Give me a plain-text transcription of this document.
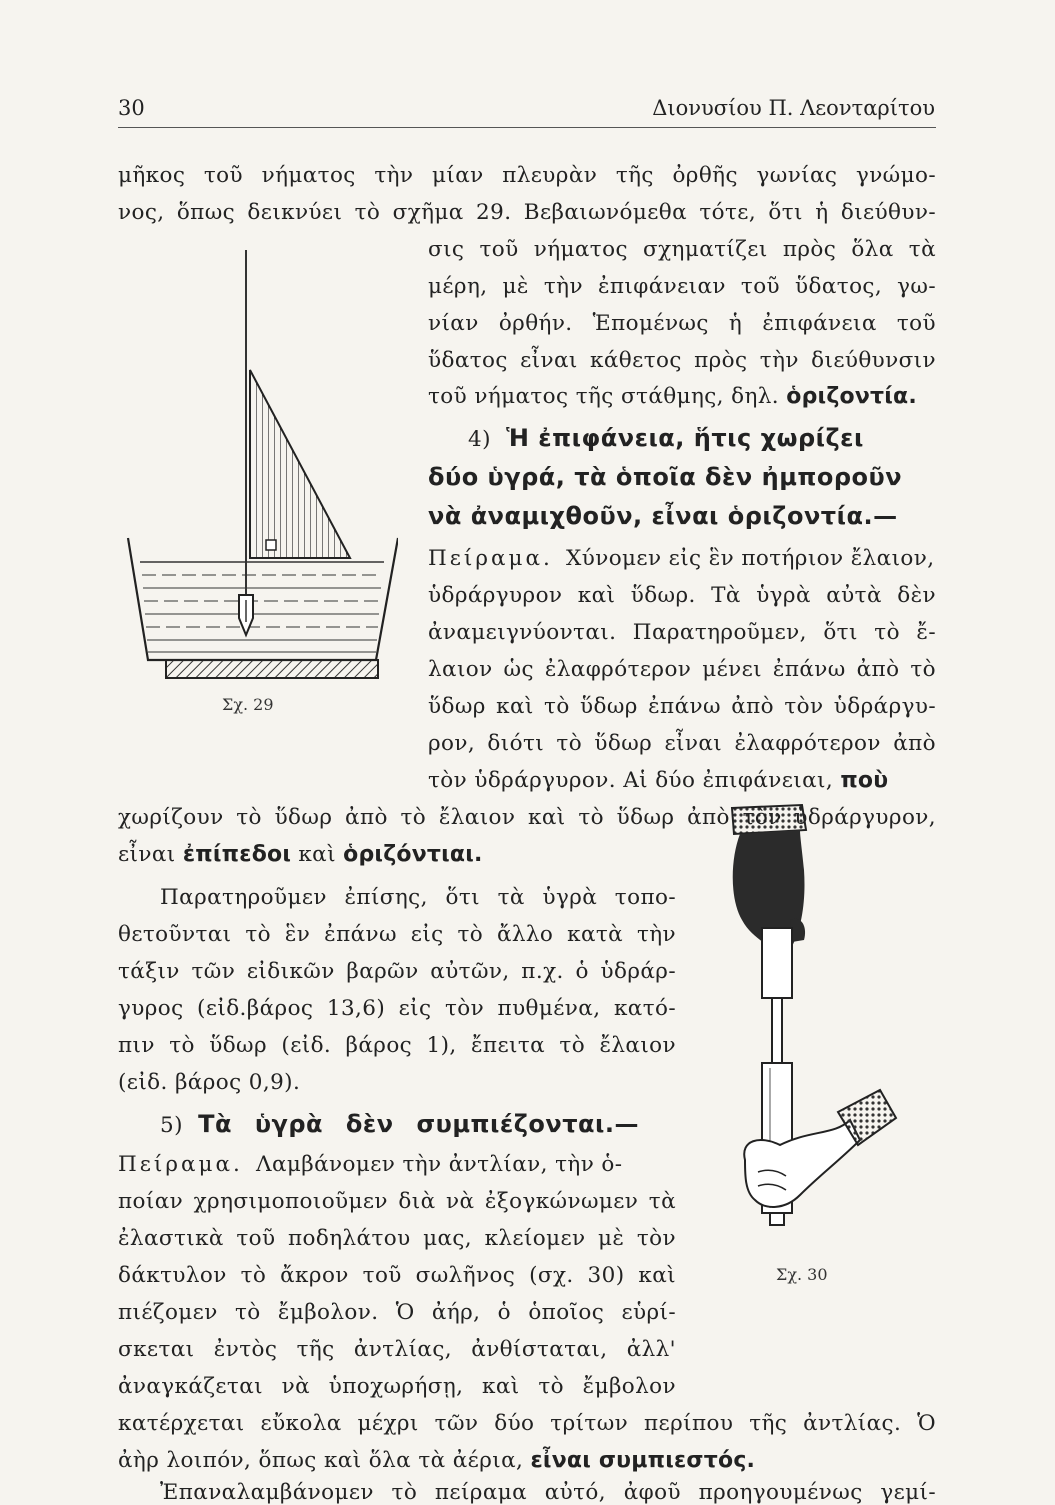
30	Διονυσίου Π. Λεονταρίτου
Σχ. 29
Σχ. 30
μῆκος τοῦ νήματος τὴν μίαν πλευρὰν τῆς ὀρθῆς γωνίας γνώμο-
νος, ὅπως δεικνύει τὸ σχῆμα 29. Βεβαιωνόμεθα τότε, ὅτι ἡ διεύθυν-
σις τοῦ νήματος σχηματίζει πρὸς ὅλα τὰ
μέρη, μὲ τὴν ἐπιφάνειαν τοῦ ὕδατος, γω-
νίαν ὀρθήν. Ἑπομένως ἡ ἐπιφάνεια τοῦ
ὕδατος εἶναι κάθετος πρὸς τὴν διεύθυνσιν
τοῦ νήματος τῆς στάθμης, δηλ. ὁριζοντία.
4) Ἡ ἐπιφάνεια, ἥτις χωρίζει
δύο ὑγρά, τὰ ὁποῖα δὲν ἠμποροῦν
νὰ ἀναμιχθοῦν, εἶναι ὁριζοντία.—
Πείραμα. Χύνομεν εἰς ἓν ποτήριον ἔλαιον,
ὑδράργυρον καὶ ὕδωρ. Τὰ ὑγρὰ αὐτὰ δὲν
ἀναμειγνύονται. Παρατηροῦμεν, ὅτι τὸ ἔ-
λαιον ὡς ἐλαφρότερον μένει ἐπάνω ἀπὸ τὸ
ὕδωρ καὶ τὸ ὕδωρ ἐπάνω ἀπὸ τὸν ὑδράργυ-
ρον, διότι τὸ ὕδωρ εἶναι ἐλαφρότερον ἀπὸ
τὸν ὑδράργυρον. Αἱ δύο ἐπιφάνειαι, ποὺ
χωρίζουν τὸ ὕδωρ ἀπὸ τὸ ἔλαιον καὶ τὸ ὕδωρ ἀπὸ τὸν ὑδράργυρον,
εἶναι ἐπίπεδοι καὶ ὁριζόντιαι.
Παρατηροῦμεν ἐπίσης, ὅτι τὰ ὑγρὰ τοπο-
θετοῦνται τὸ ἓν ἐπάνω εἰς τὸ ἄλλο κατὰ τὴν
τάξιν τῶν εἰδικῶν βαρῶν αὐτῶν, π.χ. ὁ ὑδράρ-
γυρος (εἰδ.βάρος 13,6) εἰς τὸν πυθμένα, κατό-
πιν τὸ ὕδωρ (εἰδ. βάρος 1), ἔπειτα τὸ ἔλαιον
(εἰδ. βάρος 0,9).
5) Τὰ ὑγρὰ δὲν συμπιέζονται.—
Πείραμα. Λαμβάνομεν τὴν ἀντλίαν, τὴν ὁ-
ποίαν χρησιμοποιοῦμεν διὰ νὰ ἐξογκώνωμεν τὰ
ἐλαστικὰ τοῦ ποδηλάτου μας, κλείομεν μὲ τὸν
δάκτυλον τὸ ἄκρον τοῦ σωλῆνος (σχ. 30) καὶ
πιέζομεν τὸ ἔμβολον. Ὁ ἀήρ, ὁ ὁποῖος εὑρί-
σκεται ἐντὸς τῆς ἀντλίας, ἀνθίσταται, ἀλλ'
ἀναγκάζεται νὰ ὑποχωρήσῃ, καὶ τὸ ἔμβολον
κατέρχεται εὔκολα μέχρι τῶν δύο τρίτων περίπου τῆς ἀντλίας. Ὁ
ἀὴρ λοιπόν, ὅπως καὶ ὅλα τὰ ἀέρια, εἶναι συμπιεστός.
Ἐπαναλαμβάνομεν τὸ πείραμα αὐτό, ἀφοῦ προηγουμένως γεμί-
